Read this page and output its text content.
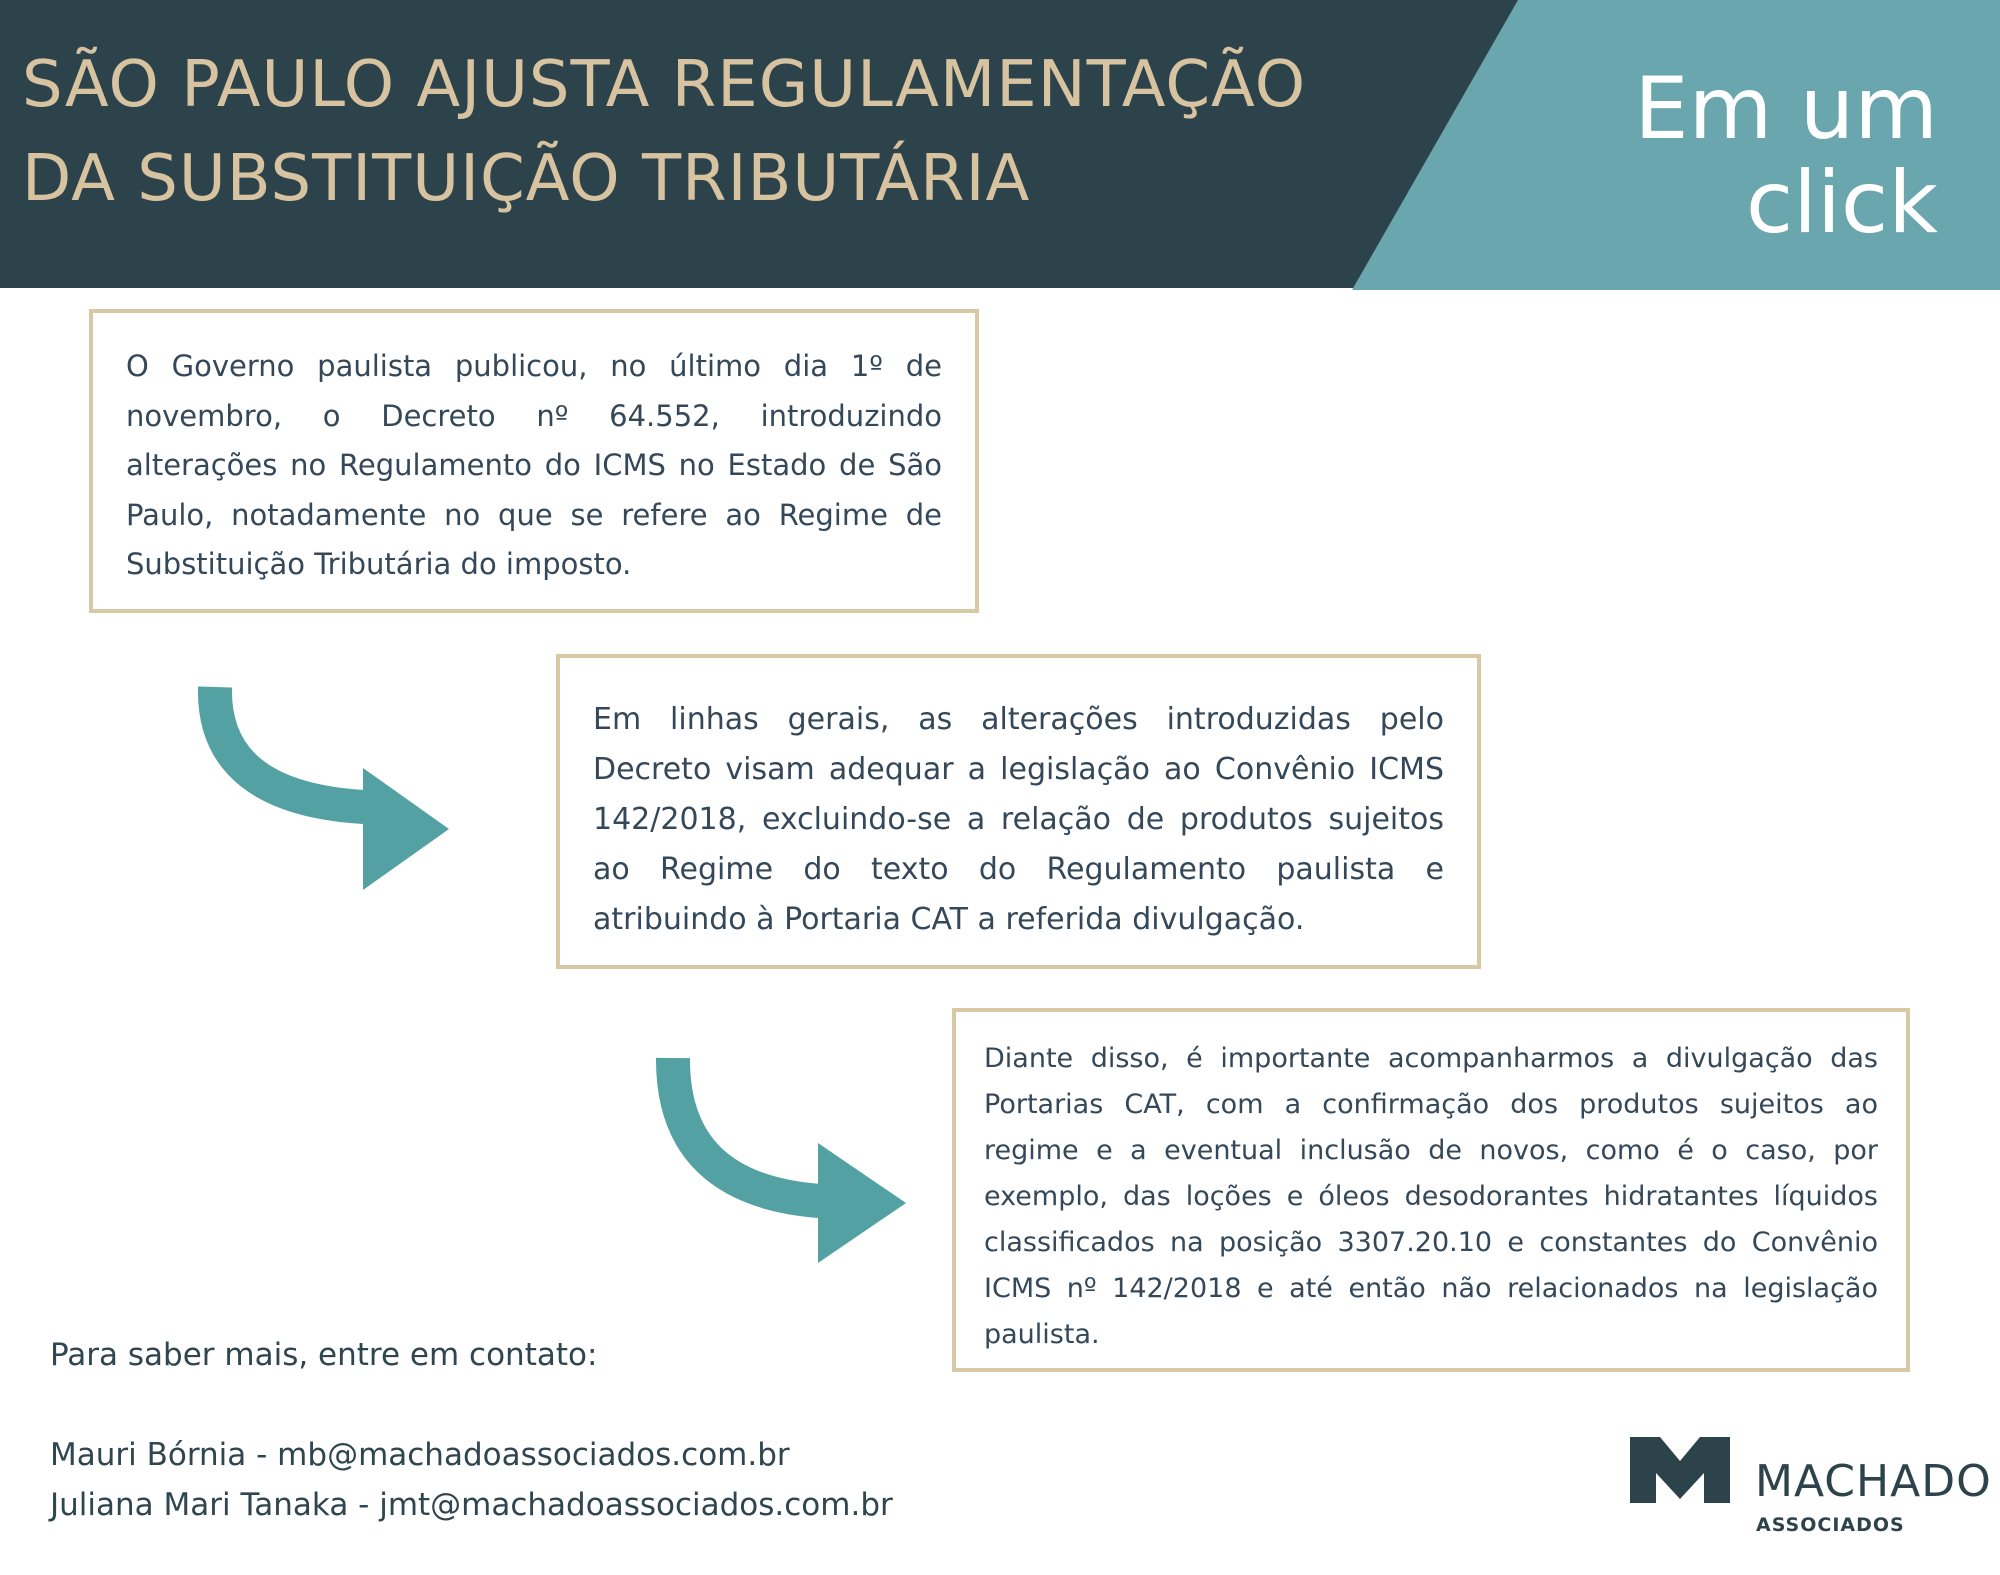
SÃO PAULO AJUSTA REGULAMENTAÇÃO
DA SUBSTITUIÇÃO TRIBUTÁRIA
Em um
click

O Governo paulista publicou, no último dia 1º de novembro, o Decreto nº 64.552, introduzindo alterações no Regulamento do ICMS no Estado de São Paulo, notadamente no que se refere ao Regime de Substituição Tributária do imposto.

Em linhas gerais, as alterações introduzidas pelo Decreto visam adequar a legislação ao Convênio ICMS 142/2018, excluindo-se a relação de produtos sujeitos ao Regime do texto do Regulamento paulista e atribuindo à Portaria CAT a referida divulgação.

Diante disso, é importante acompanharmos a divulgação das Portarias CAT, com a confirmação dos produtos sujeitos ao regime e a eventual inclusão de novos, como é o caso, por exemplo, das loções e óleos desodorantes hidratantes líquidos classificados na posição 3307.20.10 e constantes do Convênio ICMS nº 142/2018 e até então não relacionados na legislação paulista.

Para saber mais, entre em contato:
Mauri Bórnia - mb@machadoassociados.com.br
Juliana Mari Tanaka - jmt@machadoassociados.com.br	MACHADO
ASSOCIADOS
